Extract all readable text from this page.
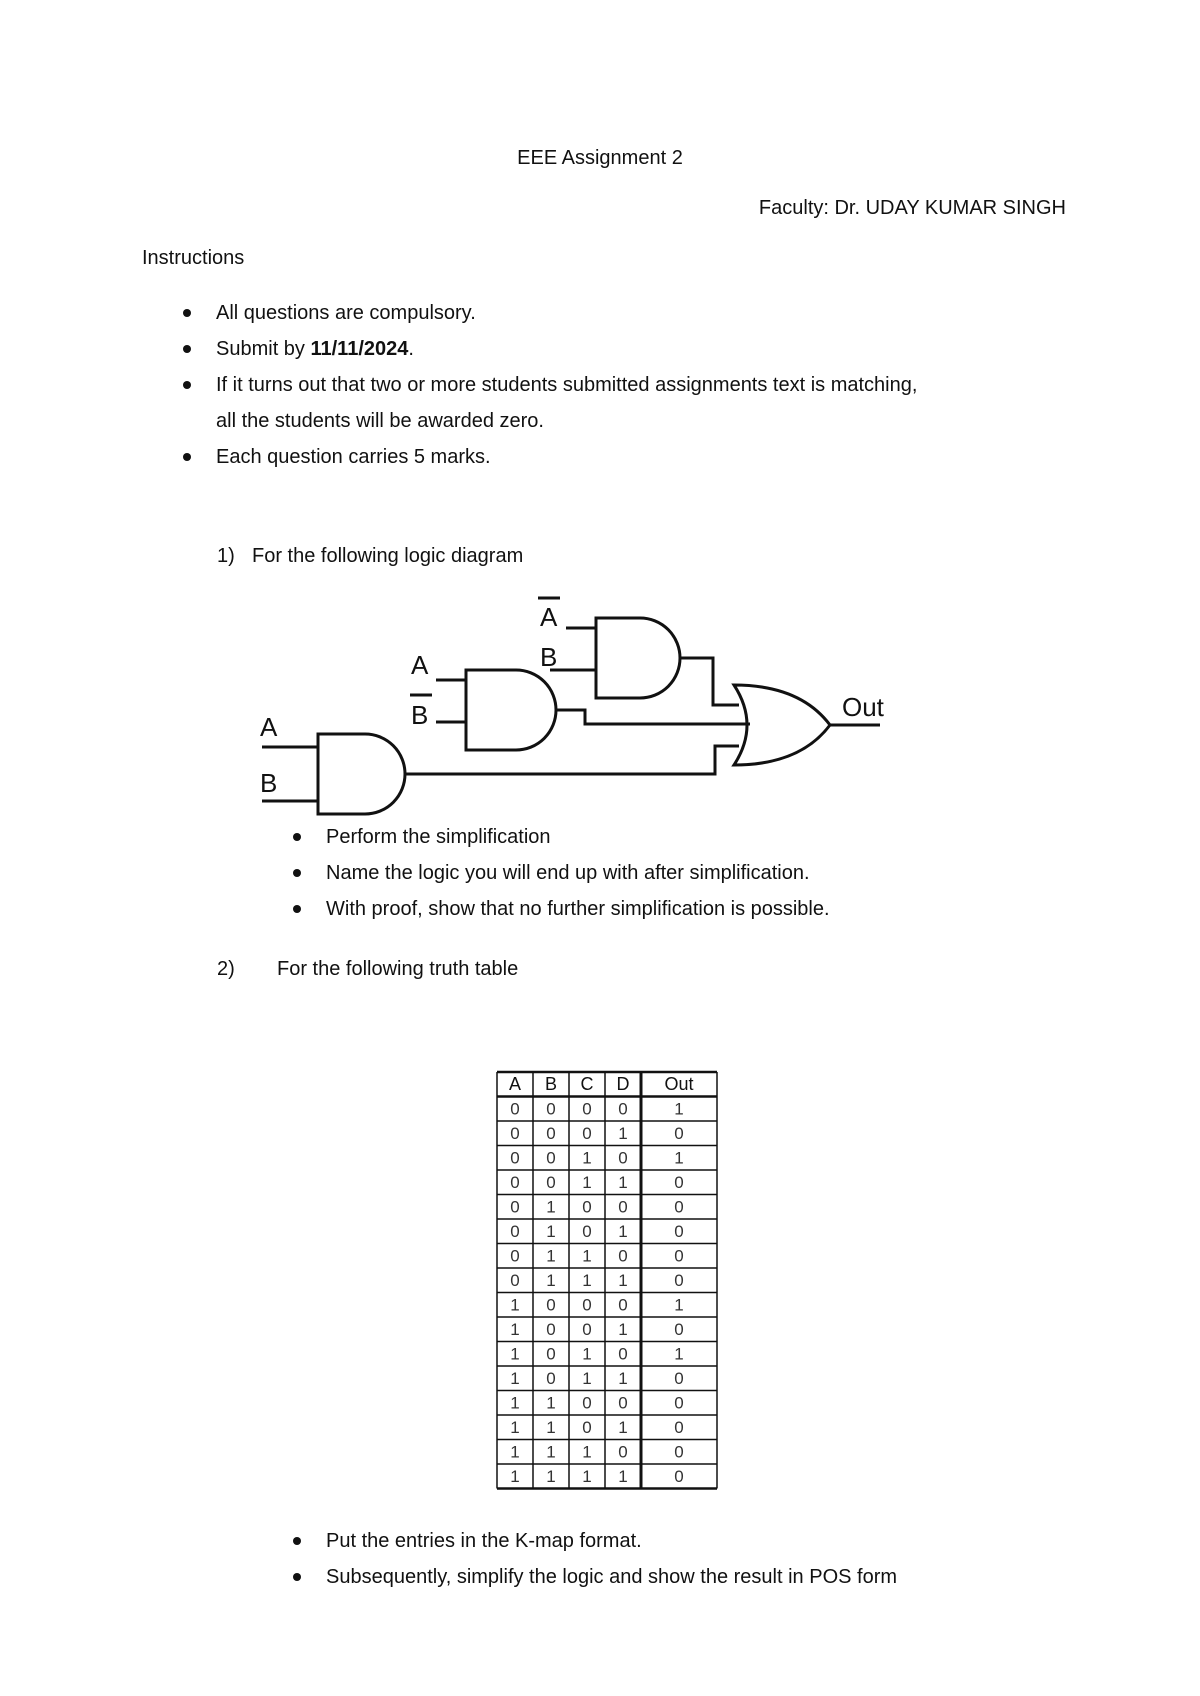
EEE Assignment 2
Faculty: Dr. UDAY KUMAR SINGH
Instructions
All questions are compulsory.
Submit by 11/11/2024.
If it turns out that two or more students submitted assignments text is matching,
all the students will be awarded zero.
Each question carries 5 marks.
1) For the following logic diagram
A
B
A
B
A
B
Out
Perform the simplification
Name the logic you will end up with after simplification.
With proof, show that no further simplification is possible.
2) For the following truth table
A B C D Out
0 0 0 0	1
0 0 0 1	0
0 0 1 0	1
0 0 1 1	0
0 1 0 0	0
0 1 0 1	0
0 1 1 0	0
0 1 1 1	0
1 0 0 0	1
1 0 0 1	0
1 0 1 0	1
1 0 1 1	0
1 1 0 0	0
1 1 0 1	0
1 1 1 0	0
1 1 1 1	0
Put the entries in the K-map format.
Subsequently, simplify the logic and show the result in POS form
